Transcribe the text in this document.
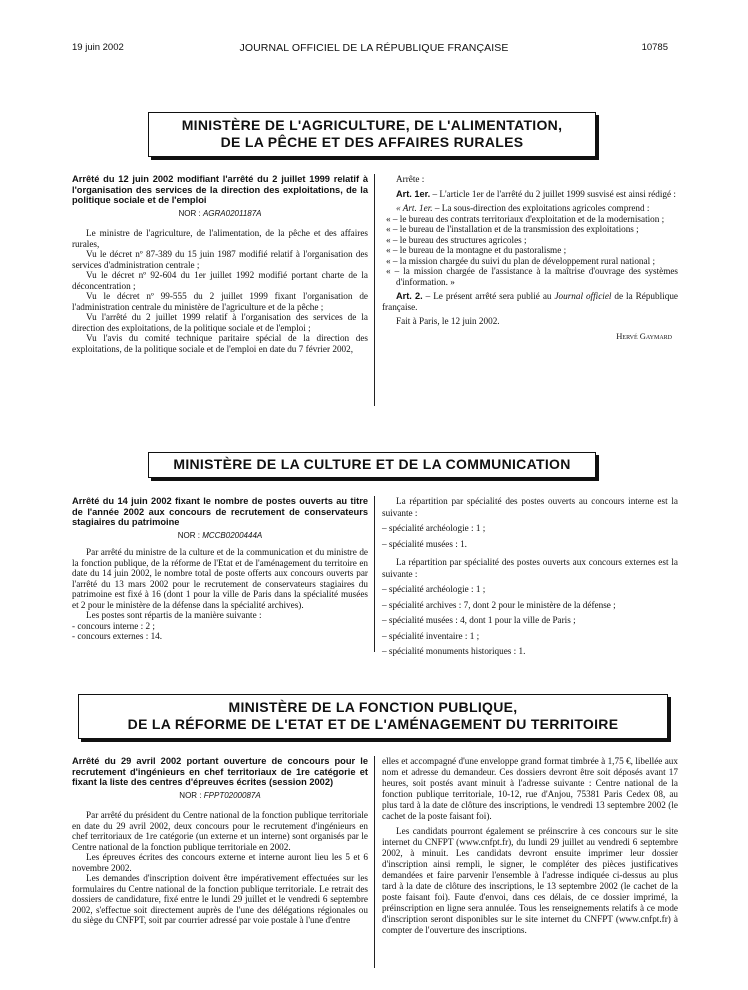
19 juin 2002	JOURNAL OFFICIEL DE LA RÉPUBLIQUE FRANÇAISE	10785
MINISTÈRE DE L'AGRICULTURE, DE L'ALIMENTATION,
DE LA PÊCHE ET DES AFFAIRES RURALES

Arrêté du 12 juin 2002 modifiant l'arrêté du 2 juillet 1999 relatif à l'organisation des services de la direction des exploitations, de la politique sociale et de l'emploi

NOR : AGRA0201187A

Le ministre de l'agriculture, de l'alimentation, de la pêche et des affaires rurales,

Vu le décret nº 87-389 du 15 juin 1987 modifié relatif à l'organisation des services d'administration centrale ;

Vu le décret nº 92-604 du 1er juillet 1992 modifié portant charte de la déconcentration ;

Vu le décret nº 99-555 du 2 juillet 1999 fixant l'organisation de l'administration centrale du ministère de l'agriculture et de la pêche ;

Vu l'arrêté du 2 juillet 1999 relatif à l'organisation des services de la direction des exploitations, de la politique sociale et de l'emploi ;

Vu l'avis du comité technique paritaire spécial de la direction des exploitations, de la politique sociale et de l'emploi en date du 7 février 2002,

Arrête :

Art. 1er. – L'article 1er de l'arrêté du 2 juillet 1999 susvisé est ainsi rédigé :

« Art. 1er. – La sous-direction des exploitations agricoles comprend :

« – le bureau des contrats territoriaux d'exploitation et de la modernisation ;

« – le bureau de l'installation et de la transmission des exploitations ;

« – le bureau des structures agricoles ;

« – le bureau de la montagne et du pastoralisme ;

« – la mission chargée du suivi du plan de développement rural national ;

« – la mission chargée de l'assistance à la maîtrise d'ouvrage des systèmes d'information. »

Art. 2. – Le présent arrêté sera publié au Journal officiel de la République française.

Fait à Paris, le 12 juin 2002.

Hervé Gaymard

MINISTÈRE DE LA CULTURE ET DE LA COMMUNICATION

Arrêté du 14 juin 2002 fixant le nombre de postes ouverts au titre de l'année 2002 aux concours de recrutement de conservateurs stagiaires du patrimoine

NOR : MCCB0200444A

Par arrêté du ministre de la culture et de la communication et du ministre de la fonction publique, de la réforme de l'Etat et de l'aménagement du territoire en date du 14 juin 2002, le nombre total de poste offerts aux concours ouverts par l'arrêté du 13 mars 2002 pour le recrutement de conservateurs stagiaires du patrimoine est fixé à 16 (dont 1 pour la ville de Paris dans la spécialité musées et 2 pour le ministère de la défense dans la spécialité archives).

Les postes sont répartis de la manière suivante :

- concours interne : 2 ;

- concours externes : 14.

La répartition par spécialité des postes ouverts au concours interne est la suivante :

– spécialité archéologie : 1 ;

– spécialité musées : 1.

La répartition par spécialité des postes ouverts aux concours externes est la suivante :

– spécialité archéologie : 1 ;

– spécialité archives : 7, dont 2 pour le ministère de la défense ;

– spécialité musées : 4, dont 1 pour la ville de Paris ;

– spécialité inventaire : 1 ;

– spécialité monuments historiques : 1.

MINISTÈRE DE LA FONCTION PUBLIQUE,
DE LA RÉFORME DE L'ETAT ET DE L'AMÉNAGEMENT DU TERRITOIRE

Arrêté du 29 avril 2002 portant ouverture de concours pour le recrutement d'ingénieurs en chef territoriaux de 1re catégorie et fixant la liste des centres d'épreuves écrites (session 2002)

NOR : FPPT0200087A

Par arrêté du président du Centre national de la fonction publique territoriale en date du 29 avril 2002, deux concours pour le recrutement d'ingénieurs en chef territoriaux de 1re catégorie (un externe et un interne) sont organisés par le Centre national de la fonction publique territoriale en 2002.

Les épreuves écrites des concours externe et interne auront lieu les 5 et 6 novembre 2002.

Les demandes d'inscription doivent être impérativement effectuées sur les formulaires du Centre national de la fonction publique territoriale. Le retrait des dossiers de candidature, fixé entre le lundi 29 juillet et le vendredi 6 septembre 2002, s'effectue soit directement auprès de l'une des délégations régionales ou du siège du CNFPT, soit par courrier adressé par voie postale à l'une d'entre

elles et accompagné d'une enveloppe grand format timbrée à 1,75 €, libellée aux nom et adresse du demandeur. Ces dossiers devront être soit déposés avant 17 heures, soit postés avant minuit à l'adresse suivante : Centre national de la fonction publique territoriale, 10-12, rue d'Anjou, 75381 Paris Cedex 08, au plus tard à la date de clôture des inscriptions, le vendredi 13 septembre 2002 (le cachet de la poste faisant foi).

Les candidats pourront également se préinscrire à ces concours sur le site internet du CNFPT (www.cnfpt.fr), du lundi 29 juillet au vendredi 6 septembre 2002, à minuit. Les candidats devront ensuite imprimer leur dossier d'inscription ainsi rempli, le signer, le compléter des pièces justificatives demandées et faire parvenir l'ensemble à l'adresse indiquée ci-dessus au plus tard à la date de clôture des inscriptions, le 13 septembre 2002 (le cachet de la poste faisant foi). Faute d'envoi, dans ces délais, de ce dossier imprimé, la préinscription en ligne sera annulée. Tous les renseignements relatifs à ce mode d'inscription seront disponibles sur le site internet du CNFPT (www.cnfpt.fr) à compter de l'ouverture des inscriptions.
